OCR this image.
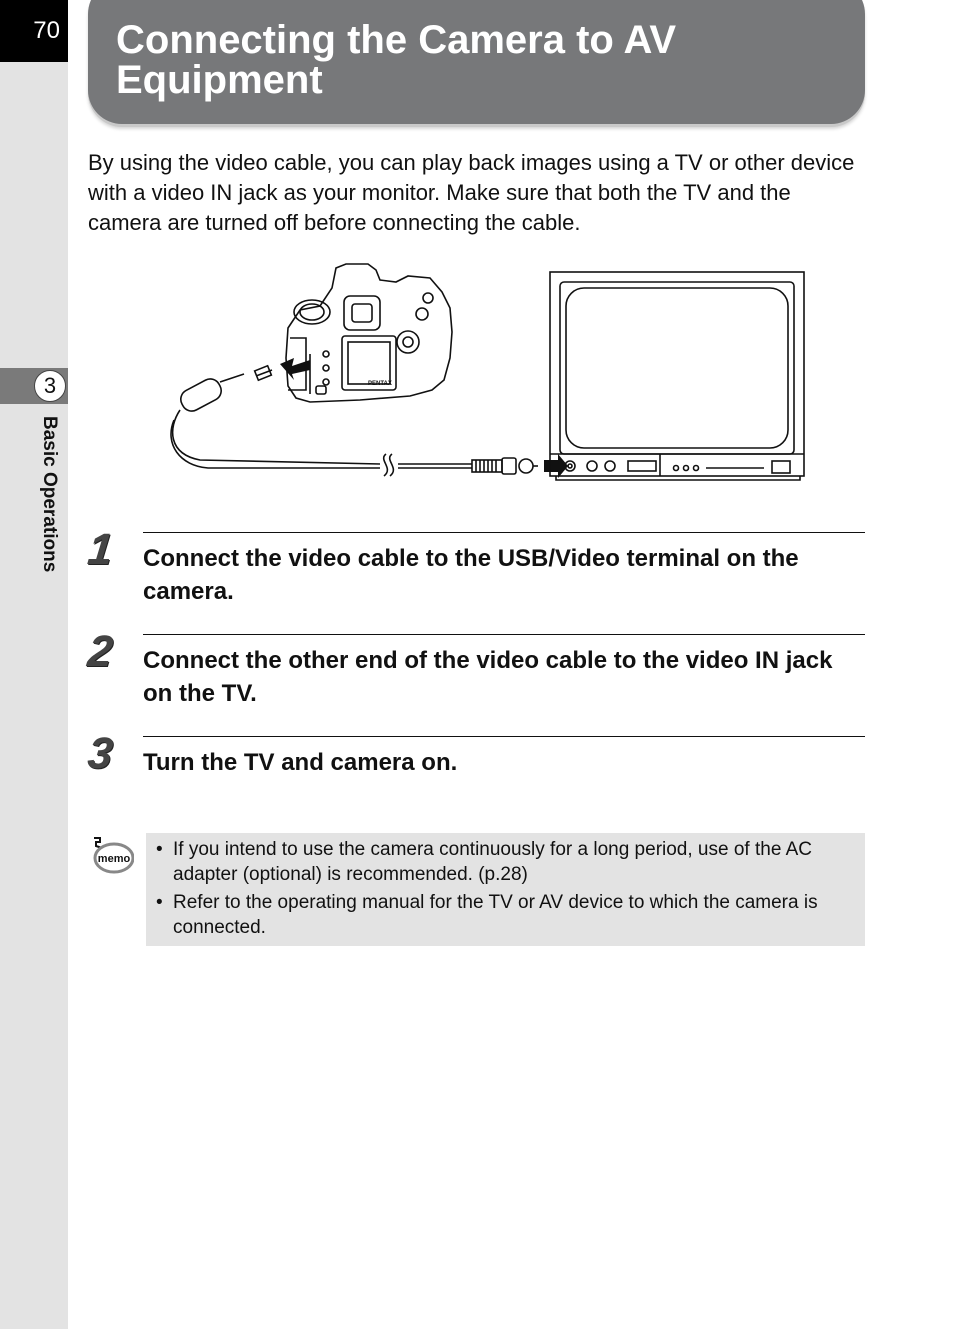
70
3
Basic Operations
Connecting the Camera to AV Equipment
By using the video cable, you can play back images using a TV or other device with a video IN jack as your monitor. Make sure that both the TV and the camera are turned off before connecting the cable.
PENTAX
1 Connect the video cable to the USB/Video terminal on the camera.
2 Connect the other end of the video cable to the video IN jack on the TV.
3 Turn the TV and camera on.
memo • If you intend to use the camera continuously for a long period, use of the AC adapter (optional) is recommended. (p.28)
• Refer to the operating manual for the TV or AV device to which the camera is connected.
